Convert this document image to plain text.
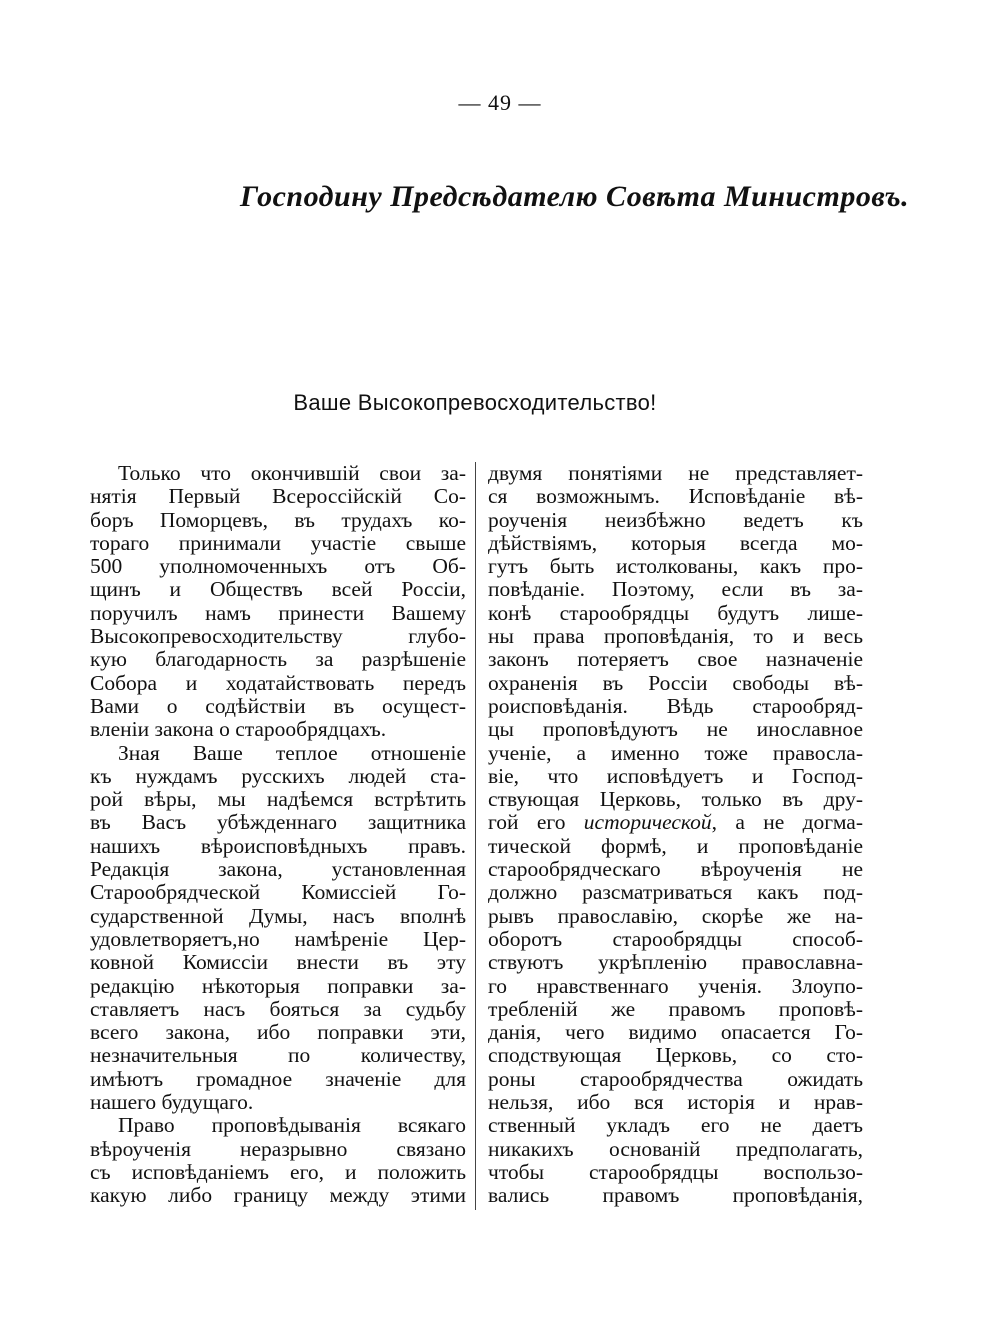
— 49 —
Господину Предсѣдателю Совѣта Министровъ.
Ваше Высокопревосходительство!
Только что окончившій свои за-
нятія Первый Всероссійскій Со-
боръ Поморцевъ, въ трудахъ ко-
тораго принимали участіе свыше
500 уполномоченныхъ отъ Об-
щинъ и Обществъ всей Россіи,
поручилъ намъ принести Вашему
Высокопревосходительству глубо-
кую благодарность за разрѣшеніе
Собора и ходатайствовать передъ
Вами о содѣйствіи въ осущест-
вленіи закона о старообрядцахъ.
Зная Ваше теплое отношеніе
къ нуждамъ русскихъ людей ста-
рой вѣры, мы надѣемся встрѣтить
въ Васъ убѣжденнаго защитника
нашихъ вѣроисповѣдныхъ правъ.
Редакція закона, установленная
Старообрядческой Комиссіей Го-
сударственной Думы, насъ вполнѣ
удовлетворяетъ,но намѣреніе Цер-
ковной Комиссіи внести въ эту
редакцію нѣкоторыя поправки за-
ставляетъ насъ бояться за судьбу
всего закона, ибо поправки эти,
незначительныя по количеству,
имѣютъ громадное значеніе для
нашего будущаго.
Право проповѣдыванія всякаго
вѣроученія неразрывно связано
съ исповѣданіемъ его, и положить
какую либо границу между этими
двумя понятіями не представляет-
ся возможнымъ. Исповѣданіе вѣ-
роученія неизбѣжно ведетъ къ
дѣйствіямъ, которыя всегда мо-
гутъ быть истолкованы, какъ про-
повѣданіе. Поэтому, если въ за-
конѣ старообрядцы будутъ лише-
ны права проповѣданія, то и весь
законъ потеряетъ свое назначеніе
охраненія въ Россіи свободы вѣ-
роисповѣданія. Вѣдь старообряд-
цы проповѣдуютъ не инославное
ученіе, а именно тоже правосла-
віе, что исповѣдуетъ и Господ-
ствующая Церковь, только въ дру-
гой его исторической, а не догма-
тической формѣ, и проповѣданіе
старообрядческаго вѣроученія не
должно разсматриваться какъ под-
рывъ православію, скорѣе же на-
оборотъ старообрядцы способ-
ствуютъ укрѣпленію православна-
го нравственнаго ученія. Злоупо-
требленій же правомъ проповѣ-
данія, чего видимо опасается Го-
сподствующая Церковь, со сто-
роны старообрядчества ожидать
нельзя, ибо вся исторія и нрав-
ственный укладъ его не даетъ
никакихъ основаній предполагать,
чтобы старообрядцы воспользо-
вались правомъ проповѣданія,
